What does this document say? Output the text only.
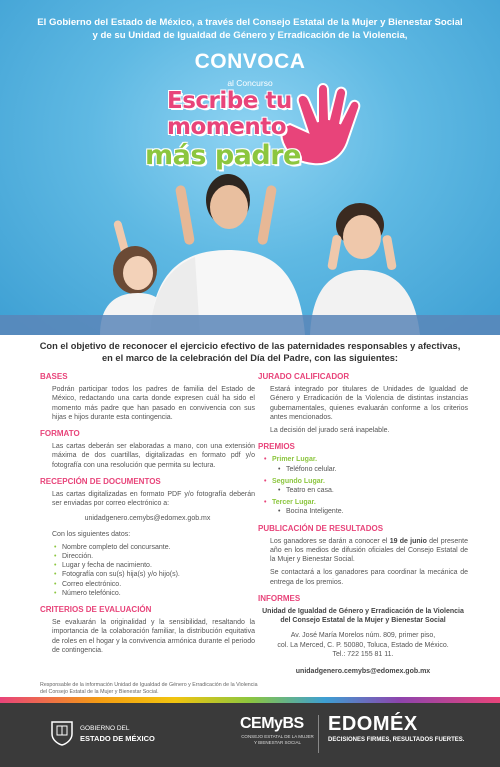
El Gobierno del Estado de México, a través del Consejo Estatal de la Mujer y Bienestar Social
y de su Unidad de Igualdad de Género y Erradicación de la Violencia,
CONVOCA
al Concurso
Escribe tu
momento
más padre
Con el objetivo de reconocer el ejercicio efectivo de las paternidades responsables y afectivas,
en el marco de la celebración del Día del Padre, con las siguientes:
BASES
Podrán participar todos los padres de familia del Estado de México, redactando una carta donde expresen cuál ha sido el momento más padre que han pasado en convivencia con sus hijas e hijos durante esta contingencia.
FORMATO
Las cartas deberán ser elaboradas a mano, con una extensión máxima de dos cuartillas, digitalizadas en formato pdf y/o fotografía con una resolución que permita su lectura.
RECEPCIÓN DE DOCUMENTOS
Las cartas digitalizadas en formato PDF y/o fotografía deberán ser enviadas por correo electrónico a:
unidadgenero.cemybs@edomex.gob.mx
Con los siguientes datos:
• Nombre completo del concursante.
• Dirección.
• Lugar y fecha de nacimiento.
• Fotografía con su(s) hija(s) y/o hijo(s).
• Correo electrónico.
• Número telefónico.
CRITERIOS DE EVALUACIÓN
Se evaluarán la originalidad y la sensibilidad, resaltando la importancia de la colaboración familiar, la distribución equitativa de roles en el hogar y la convivencia armónica durante el periodo de contingencia.
Responsable de la información Unidad de Igualdad de Género y Erradicación de la Violencia del Consejo Estatal de la Mujer y Bienestar Social.
JURADO CALIFICADOR
Estará integrado por titulares de Unidades de Igualdad de Género y Erradicación de la Violencia de distintas instancias gubernamentales, quienes evaluarán conforme a los criterios antes mencionados.
La decisión del jurado será inapelable.
PREMIOS
• Primer Lugar.
• Teléfono celular.
• Segundo Lugar.
• Teatro en casa.
• Tercer Lugar.
• Bocina Inteligente.
PUBLICACIÓN DE RESULTADOS
Los ganadores se darán a conocer el 19 de junio del presente año en los medios de difusión oficiales del Consejo Estatal de la Mujer y Bienestar Social.
Se contactará a los ganadores para coordinar la mecánica de entrega de los premios.
INFORMES
Unidad de Igualdad de Género y Erradicación de la Violencia
del Consejo Estatal de la Mujer y Bienestar Social
Av. José María Morelos núm. 809, primer piso,
col. La Merced, C. P. 50080, Toluca, Estado de México.
Tel.: 722 155 81 11.
unidadgenero.cemybs@edomex.gob.mx
GOBIERNO DEL
ESTADO DE MÉXICO
CEMyBS
CONSEJO ESTATAL DE LA MUJER Y BIENESTAR SOCIAL
EDOMÉX
DECISIONES FIRMES, RESULTADOS FUERTES.
